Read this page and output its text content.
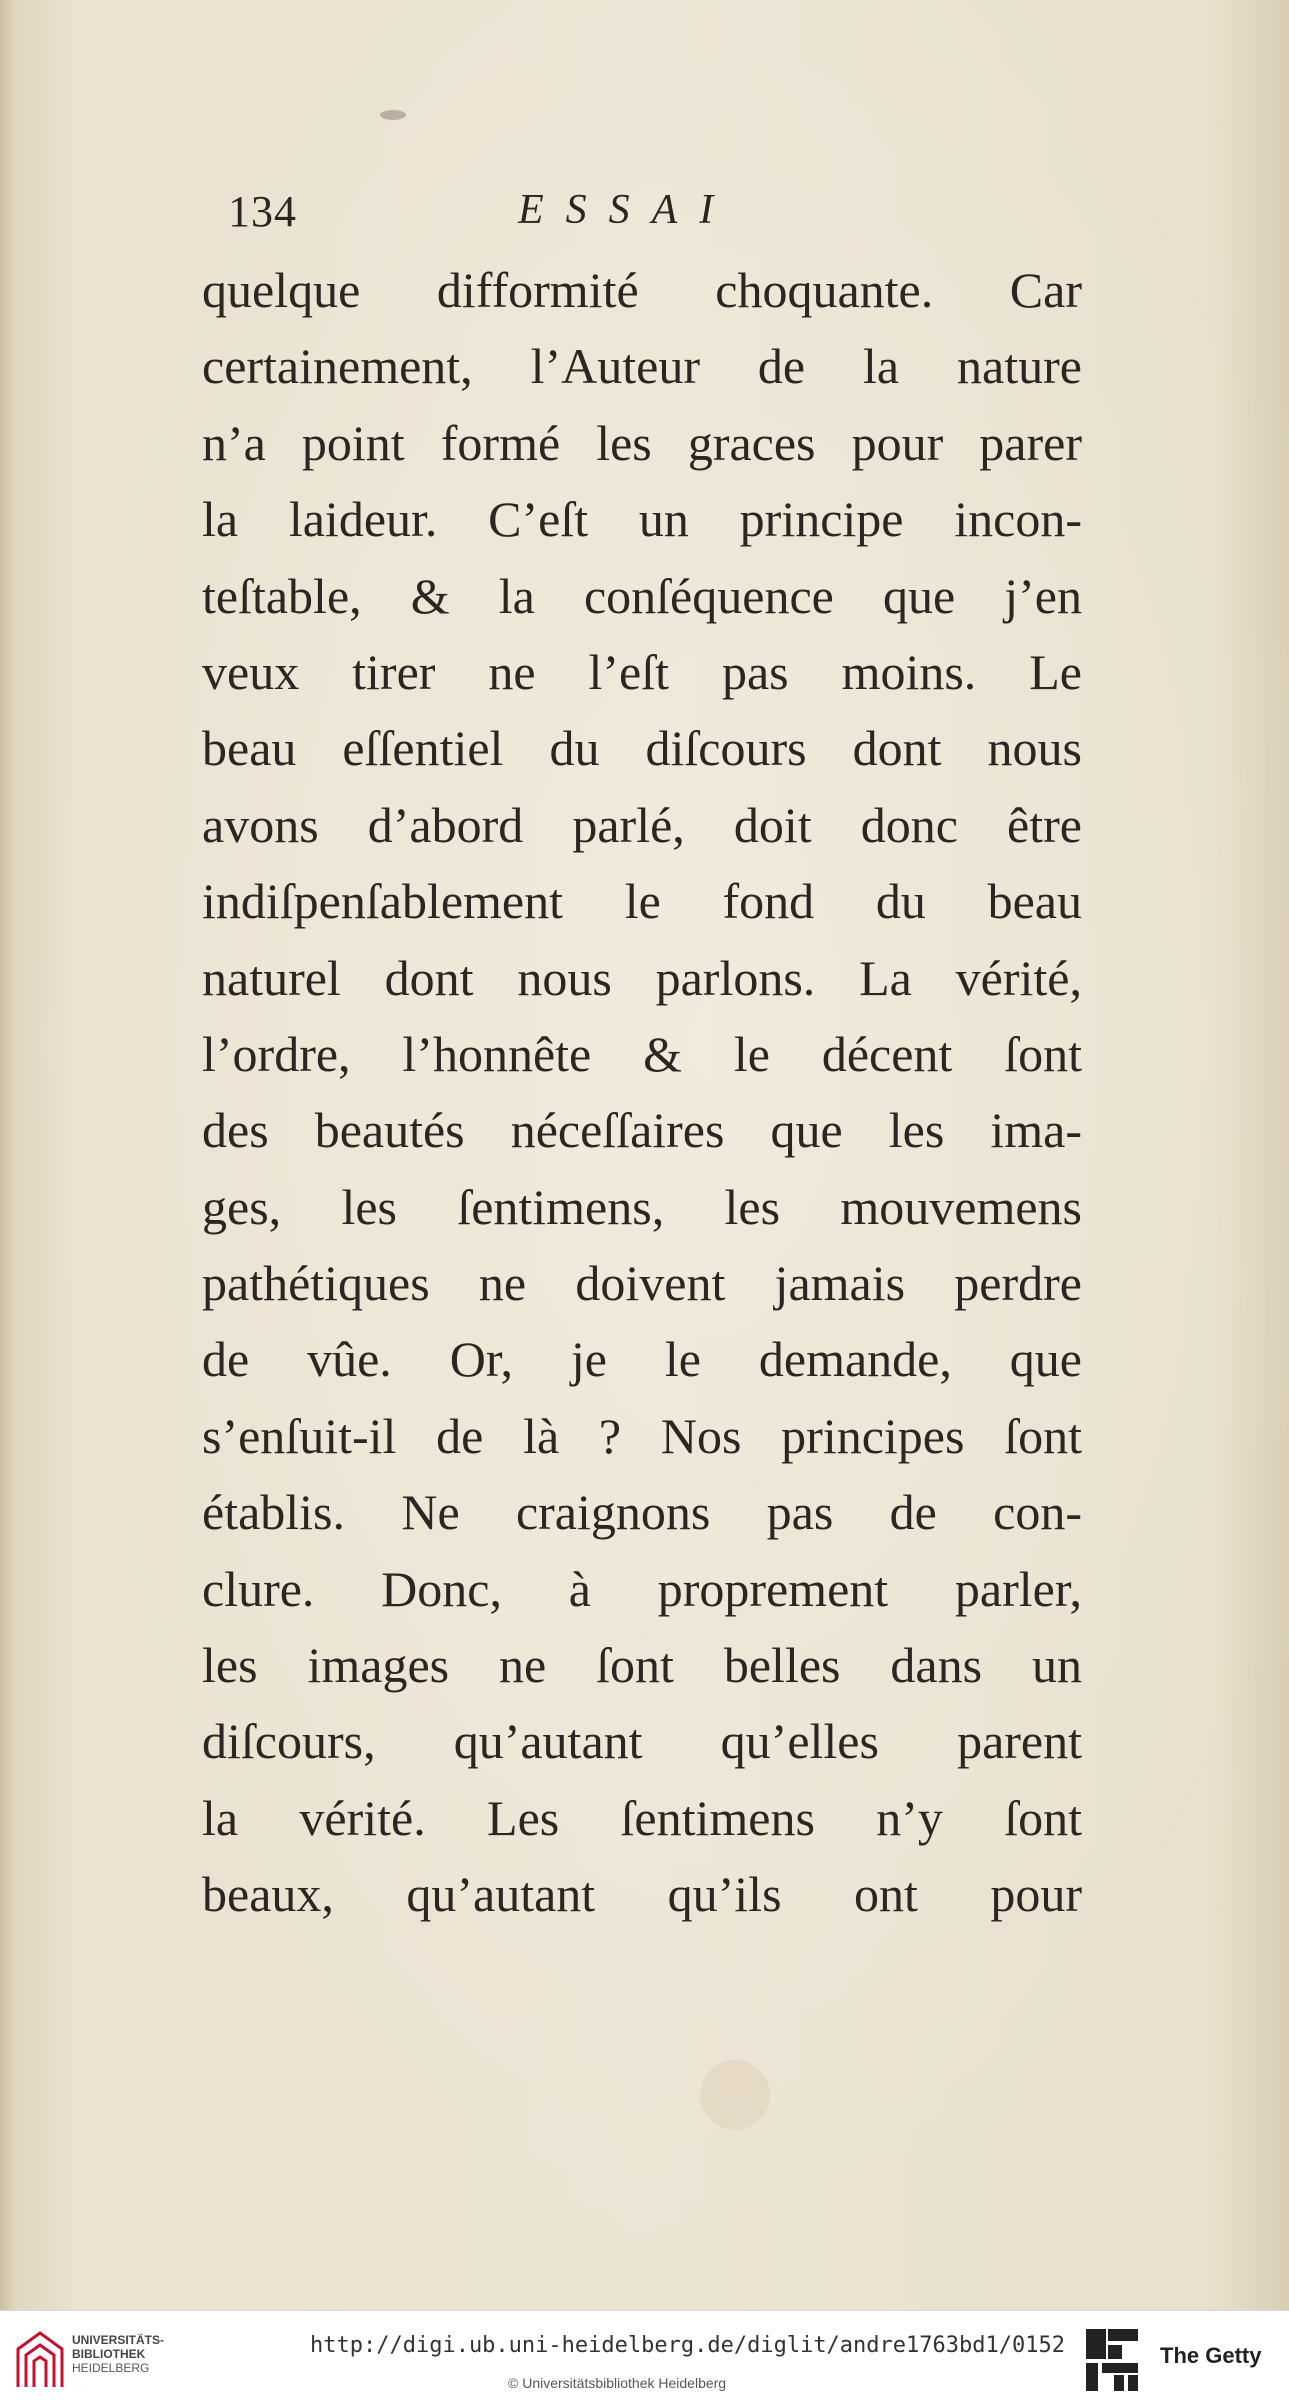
134	ESSAI
quelque difformité choquante. Car
certainement, l’Auteur de la nature
n’a point formé les graces pour parer
la laideur. C’eſt un principe incon-
teſtable, & la conſéquence que j’en
veux tirer ne l’eſt pas moins. Le
beau eſſentiel du diſcours dont nous
avons d’abord parlé, doit donc être
indiſpenſablement le fond du beau
naturel dont nous parlons. La vérité,
l’ordre, l’honnête & le décent ſont
des beautés néceſſaires que les ima-
ges, les ſentimens, les mouvemens
pathétiques ne doivent jamais perdre
de vûe. Or, je le demande, que
s’enſuit-il de là ? Nos principes ſont
établis. Ne craignons pas de con-
clure. Donc, à proprement parler,
les images ne ſont belles dans un
diſcours, qu’autant qu’elles parent
la vérité. Les ſentimens n’y ſont
beaux, qu’autant qu’ils ont pour
UNIVERSITÄTS-
BIBLIOTHEK
HEIDELBERG
http://digi.ub.uni-heidelberg.de/diglit/andre1763bd1/0152
© Universitätsbibliothek Heidelberg
The Getty
